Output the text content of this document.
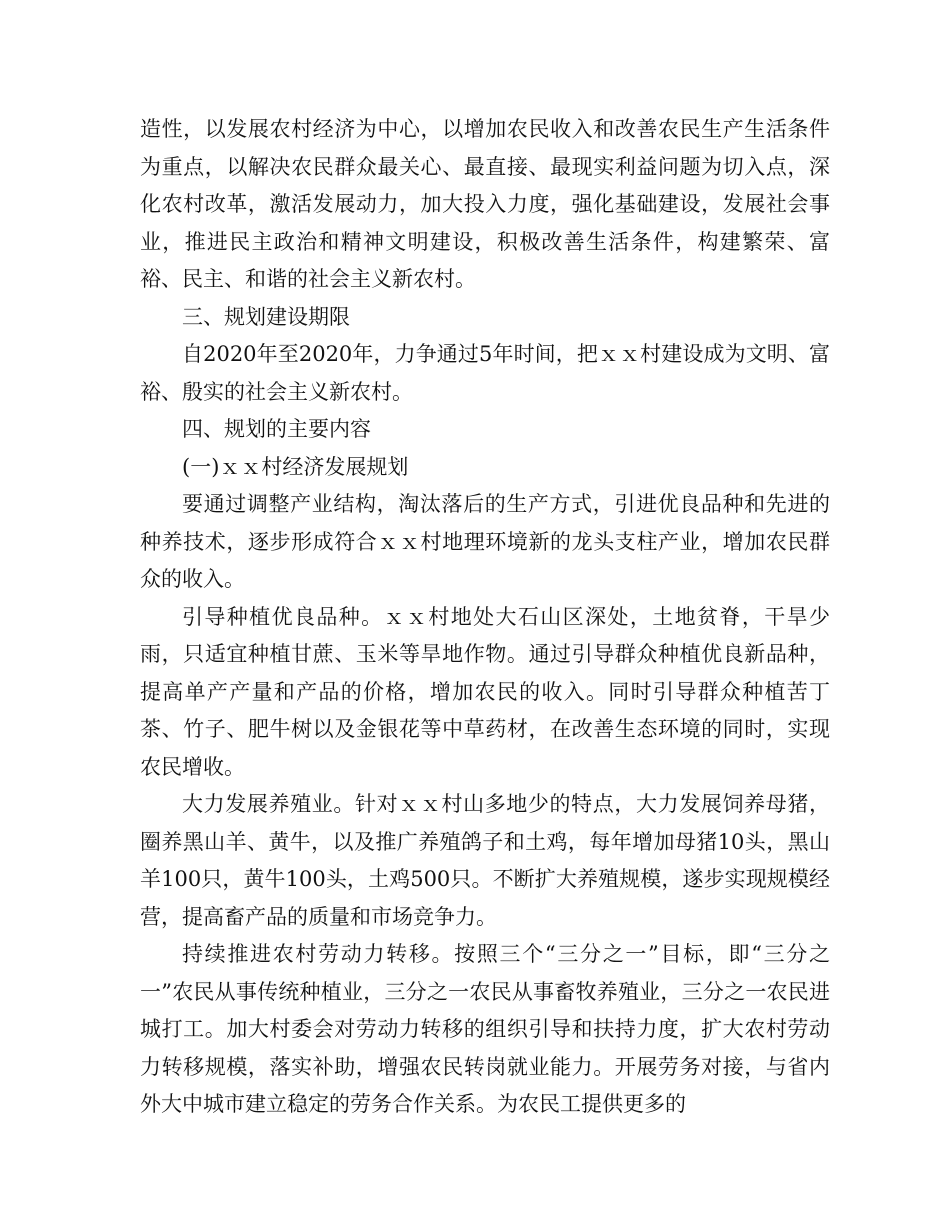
造性，以发展农村经济为中心，以增加农民收入和改善农民生产生活条件为重点，以解决农民群众最关心、最直接、最现实利益问题为切入点，深化农村改革，激活发展动力，加大投入力度，强化基础建设，发展社会事业，推进民主政治和精神文明建设，积极改善生活条件，构建繁荣、富裕、民主、和谐的社会主义新农村。

三、规划建设期限

自2020年至2020年，力争通过5年时间，把ｘｘ村建设成为文明、富裕、殷实的社会主义新农村。

四、规划的主要内容

(一)ｘｘ村经济发展规划

要通过调整产业结构，淘汰落后的生产方式，引进优良品种和先进的种养技术，逐步形成符合ｘｘ村地理环境新的龙头支柱产业，增加农民群众的收入。

引导种植优良品种。ｘｘ村地处大石山区深处，土地贫脊，干旱少雨，只适宜种植甘蔗、玉米等旱地作物。通过引导群众种植优良新品种，提高单产产量和产品的价格，增加农民的收入。同时引导群众种植苦丁茶、竹子、肥牛树以及金银花等中草药材，在改善生态环境的同时，实现农民增收。

大力发展养殖业。针对ｘｘ村山多地少的特点，大力发展饲养母猪，圈养黑山羊、黄牛，以及推广养殖鸽子和土鸡，每年增加母猪10头，黑山羊100只，黄牛100头，土鸡500只。不断扩大养殖规模，遂步实现规模经营，提高畜产品的质量和市场竞争力。

持续推进农村劳动力转移。按照三个“三分之一”目标，即“三分之一”农民从事传统种植业，三分之一农民从事畜牧养殖业，三分之一农民进城打工。加大村委会对劳动力转移的组织引导和扶持力度，扩大农村劳动力转移规模，落实补助，增强农民转岗就业能力。开展劳务对接，与省内外大中城市建立稳定的劳务合作关系。为农民工提供更多的
